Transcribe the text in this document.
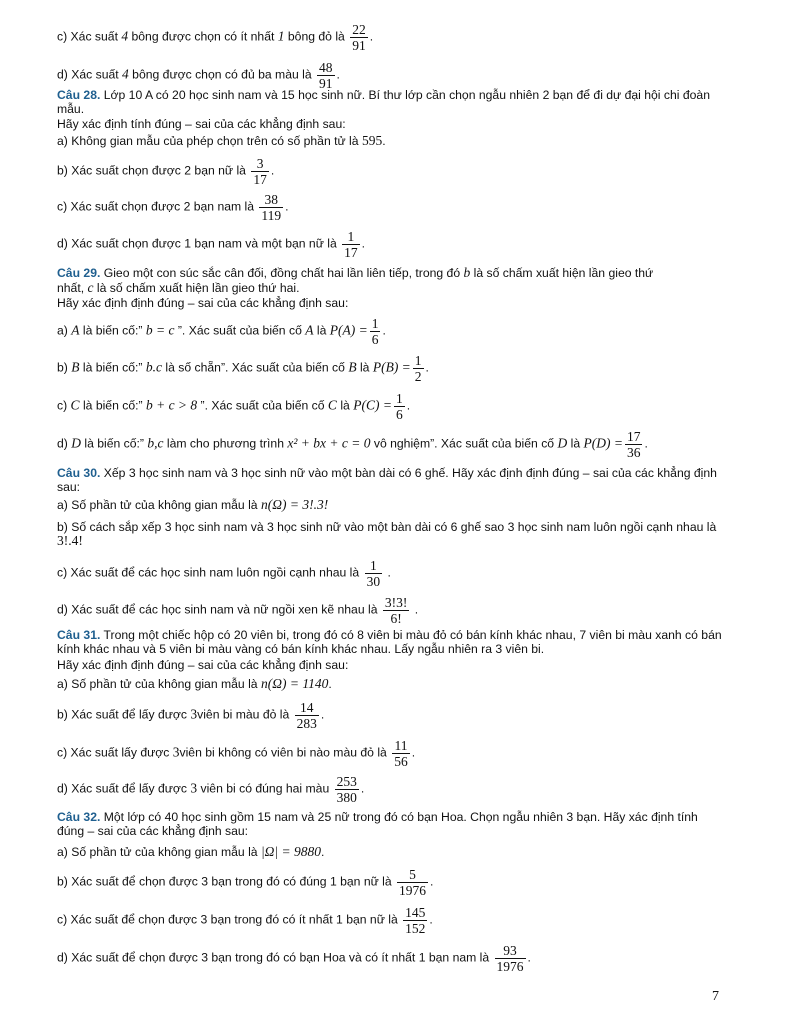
c) Xác suất 4 bông được chọn có ít nhất 1 bông đỏ là $\frac{22}{91}$ .
d) Xác suất 4 bông được chọn có đủ ba màu là $\frac{48}{91}$ .
Câu 28. Lớp 10 A có 20 học sinh nam và 15 học sinh nữ. Bí thư lớp cần chọn ngẫu nhiên 2 bạn để đi dự đại hội chi đoàn mẫu.
Hãy xác định tính đúng – sai của các khẳng định sau:
a) Không gian mẫu của phép chọn trên có số phần tử là 595.
b) Xác suất chọn được 2 bạn nữ là $\frac{3}{17}$ .
c) Xác suất chọn được 2 bạn nam là $\frac{38}{119}$ .
d) Xác suất chọn được 1 bạn nam và một bạn nữ là $\frac{1}{17}$ .
Câu 29. Gieo một con súc sắc cân đối, đồng chất hai lần liên tiếp, trong đó b là số chấm xuất hiện lần gieo thứ
nhất, c là số chấm xuất hiện lần gieo thứ hai.
Hãy xác định định đúng – sai của các khẳng định sau:
a) A là biến cố:” b = c ”. Xác suất của biến cố A là $P(A) = \frac{1}{6}$ .
b) B là biến cố:” b.c là số chẵn”. Xác suất của biến cố B là $P(B) = \frac{1}{2}$ .
c) C là biến cố:” b + c > 8 ”. Xác suất của biến cố C là $P(C) = \frac{1}{6}$ .
d) D là biến cố:” b,c làm cho phương trình x² + bx + c = 0 vô nghiệm”. Xác suất của biến cố D là $P(D) = \frac{17}{36}$ .
Câu 30. Xếp 3 học sinh nam và 3 học sinh nữ vào một bàn dài có 6 ghế. Hãy xác định định đúng – sai của các khẳng định sau:
a) Số phần tử của không gian mẫu là n(Ω) = 3!.3!
b) Số cách sắp xếp 3 học sinh nam và 3 học sinh nữ vào một bàn dài có 6 ghế sao 3 học sinh nam luôn ngồi cạnh nhau là 3!.4!
c) Xác suất để các học sinh nam luôn ngồi cạnh nhau là $\frac{1}{30}$ .
d) Xác suất để các học sinh nam và nữ ngồi xen kẽ nhau là $\frac{3!3!}{6!}$ .
Câu 31. Trong một chiếc hộp có 20 viên bi, trong đó có 8 viên bi màu đỏ có bán kính khác nhau, 7 viên bi màu xanh có bán kính khác nhau và 5 viên bi màu vàng có bán kính khác nhau. Lấy ngẫu nhiên ra 3 viên bi.
Hãy xác định định đúng – sai của các khẳng định sau:
a) Số phần tử của không gian mẫu là n(Ω) = 1140.
b) Xác suất để lấy được 3viên bi màu đỏ là $\frac{14}{283}$ .
c) Xác suất lấy được 3viên bi không có viên bi nào màu đỏ là $\frac{11}{56}$ .
d) Xác suất để lấy được 3 viên bi có đúng hai màu $\frac{253}{380}$ .
Câu 32. Một lớp có 40 học sinh gồm 15 nam và 25 nữ trong đó có bạn Hoa. Chọn ngẫu nhiên 3 bạn. Hãy xác định tính đúng – sai của các khẳng định sau:
a) Số phần tử của không gian mẫu là |Ω| = 9880.
b) Xác suất để chọn được 3 bạn trong đó có đúng 1 bạn nữ là $\frac{5}{1976}$ .
c) Xác suất để chọn được 3 bạn trong đó có ít nhất 1 bạn nữ là $\frac{145}{152}$ .
d) Xác suất để chọn được 3 bạn trong đó có bạn Hoa và có ít nhất 1 bạn nam là $\frac{93}{1976}$ .
7
